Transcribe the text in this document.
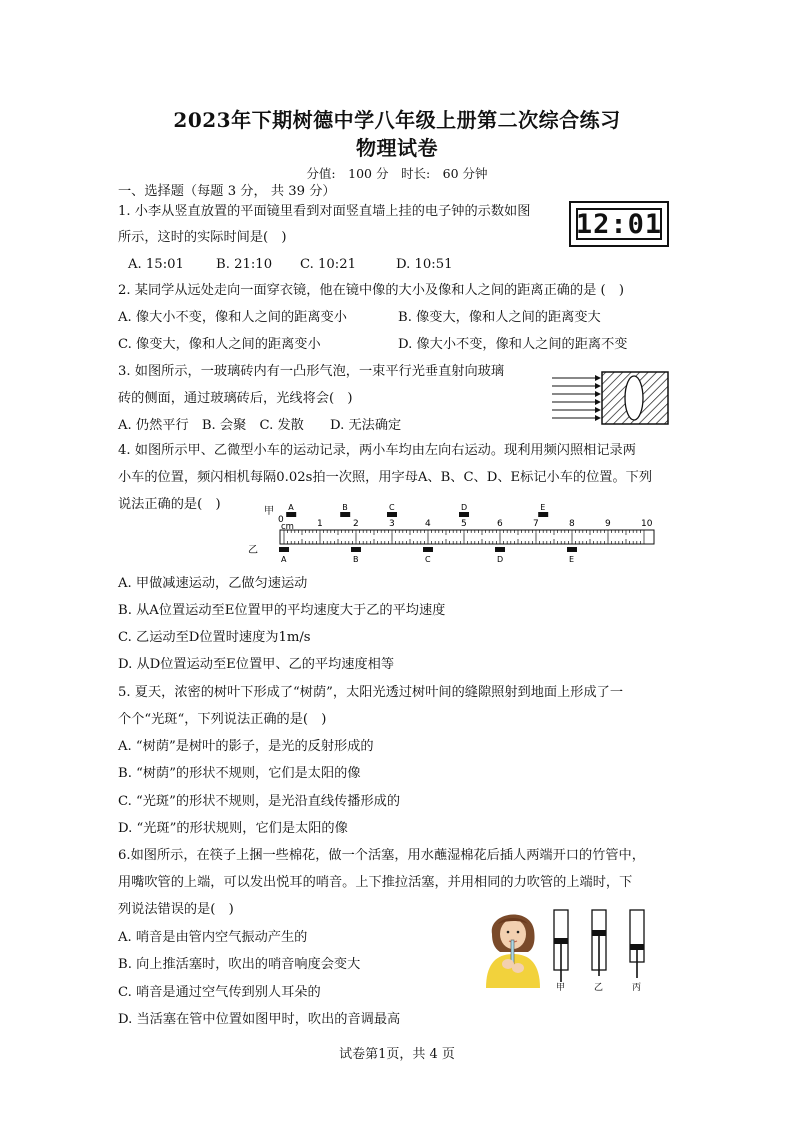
2023年下期树德中学八年级上册第二次综合练习
物理试卷
分值:　100 分　时长:　60 分钟
一、选择题（每题 3 分， 共 39 分）
1. 小李从竖直放置的平面镜里看到对面竖直墙上挂的电子钟的示数如图
所示，这时的实际时间是(　)
A. 15:01 B. 21:10 C. 10:21	D. 10:51
12:01
2. 某同学从远处走向一面穿衣镜，他在镜中像的大小及像和人之间的距离正确的是 (　)
A. 像大小不变，像和人之间的距离变小	B. 像变大，像和人之间的距离变大
C. 像变大，像和人之间的距离变小	D. 像大小不变，像和人之间的距离不变
3. 如图所示，一玻璃砖内有一凸形气泡，一束平行光垂直射向玻璃
砖的侧面，通过玻璃砖后，光线将会(　)
A. 仍然平行　B. 会聚　C. 发散 D. 无法确定
4. 如图所示甲、乙微型小车的运动记录，两小车均由左向右运动。现利用频闪照相记录两
小车的位置，频闪相机每隔0.02s拍一次照，用字母A、B、C、D、E标记小车的位置。下列
说法正确的是(　)	甲
乙
cm	1	2	3	4	5	6	7	8	9	10
0
A	B	C	D	E
A	B	C	D	E
A. 甲做减速运动，乙做匀速运动
B. 从A位置运动至E位置甲的平均速度大于乙的平均速度
C. 乙运动至D位置时速度为1m/s
D. 从D位置运动至E位置甲、乙的平均速度相等
5. 夏天，浓密的树叶下形成了“树荫”，太阳光透过树叶间的缝隙照射到地面上形成了一
个个“光斑“，下列说法正确的是(　)
A. “树荫”是树叶的影子，是光的反射形成的
B. “树荫”的形状不规则，它们是太阳的像
C. “光斑”的形状不规则，是光沿直线传播形成的
D. “光斑”的形状规则，它们是太阳的像
6.如图所示，在筷子上捆一些棉花，做一个活塞，用水蘸湿棉花后插人两端开口的竹管中，
用嘴吹管的上端，可以发出悦耳的哨音。上下推拉活塞，并用相同的力吹管的上端时，下
列说法错误的是(　)
A. 哨音是由管内空气振动产生的
B. 向上推活塞时，吹出的哨音响度会变大
C. 哨音是通过空气传到别人耳朵的
D. 当活塞在管中位置如图甲时，吹出的音调最高
甲	乙	丙
试卷第1页，共 4 页
